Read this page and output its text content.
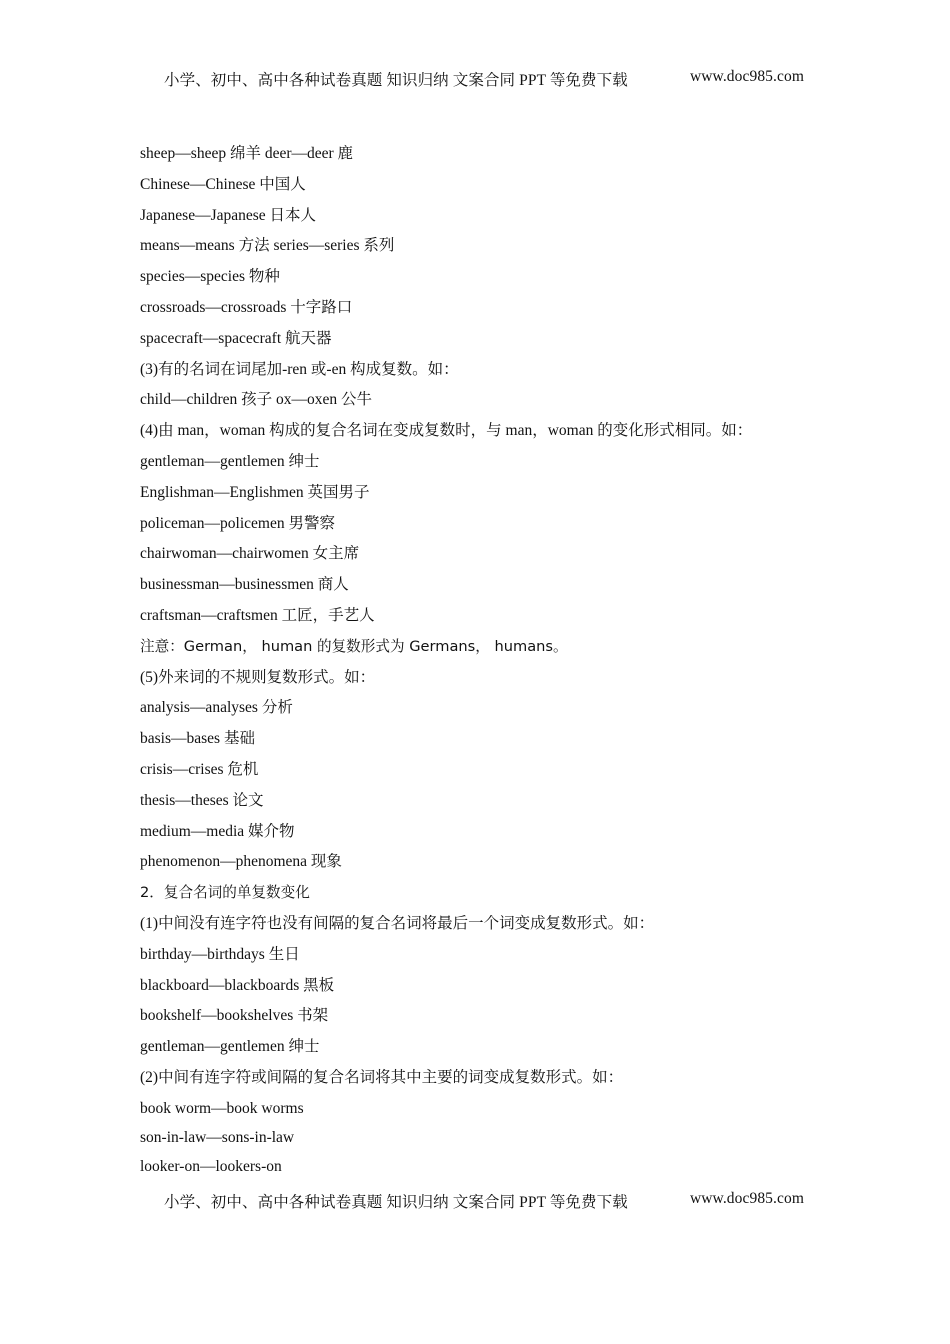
小学、初中、高中各种试卷真题 知识归纳 文案合同 PPT 等免费下载	www.doc985.com
sheep—sheep 绵羊 deer—deer 鹿
Chinese—Chinese 中国人
Japanese—Japanese 日本人
means—means 方法 series—series 系列
species—species 物种
crossroads—crossroads 十字路口
spacecraft—spacecraft 航天器
(3)有的名词在词尾加-ren 或-en 构成复数。如：
child—children 孩子 ox—oxen 公牛
(4)由 man，woman 构成的复合名词在变成复数时，与 man，woman 的变化形式相同。如：
gentleman—gentlemen 绅士
Englishman—Englishmen 英国男子
policeman—policemen 男警察
chairwoman—chairwomen 女主席
businessman—businessmen 商人
craftsman—craftsmen 工匠，手艺人
注意：German， human 的复数形式为 Germans， humans。
(5)外来词的不规则复数形式。如：
analysis—analyses 分析
basis—bases 基础
crisis—crises 危机
thesis—theses 论文
medium—media 媒介物
phenomenon—phenomena 现象
2．复合名词的单复数变化
(1)中间没有连字符也没有间隔的复合名词将最后一个词变成复数形式。如：
birthday—birthdays 生日
blackboard—blackboards 黑板
bookshelf—bookshelves 书架
gentleman—gentlemen 绅士
(2)中间有连字符或间隔的复合名词将其中主要的词变成复数形式。如：
book worm—book worms
son-in-law—sons-in-law
looker-on—lookers-on
小学、初中、高中各种试卷真题 知识归纳 文案合同 PPT 等免费下载	www.doc985.com
